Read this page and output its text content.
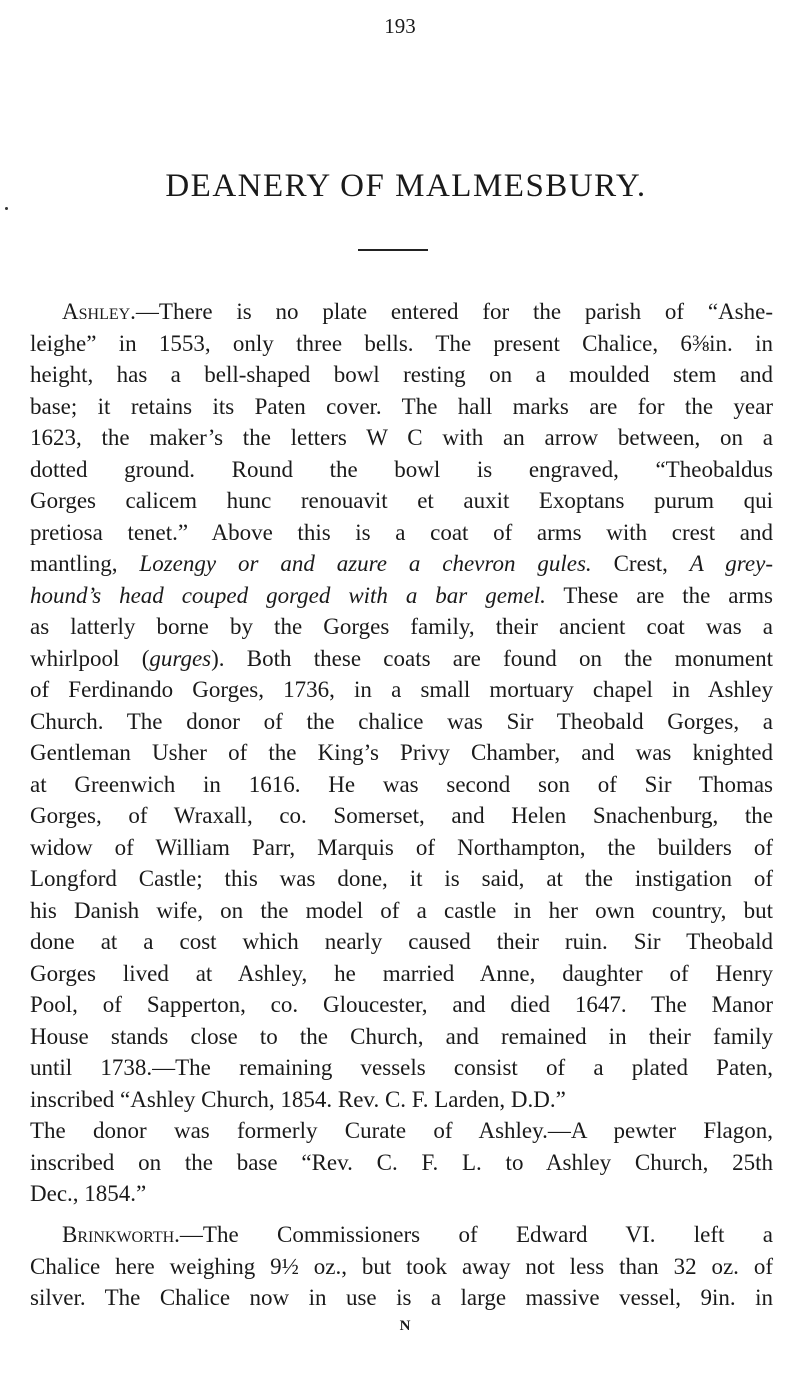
193
DEANERY OF MALMESBURY.
Ashley.—There is no plate entered for the parish of “Ashe-
leighe” in 1553, only three bells. The present Chalice, 6⅜in. in
height, has a bell-shaped bowl resting on a moulded stem and
base; it retains its Paten cover. The hall marks are for the year
1623, the maker’s the letters W C with an arrow between, on a
dotted ground. Round the bowl is engraved, “Theobaldus
Gorges calicem hunc renouavit et auxit Exoptans purum qui
pretiosa tenet.” Above this is a coat of arms with crest and
mantling, Lozengy or and azure a chevron gules. Crest, A grey-
hound’s head couped gorged with a bar gemel. These are the arms
as latterly borne by the Gorges family, their ancient coat was a
whirlpool (gurges). Both these coats are found on the monument
of Ferdinando Gorges, 1736, in a small mortuary chapel in Ashley
Church. The donor of the chalice was Sir Theobald Gorges, a
Gentleman Usher of the King’s Privy Chamber, and was knighted
at Greenwich in 1616. He was second son of Sir Thomas
Gorges, of Wraxall, co. Somerset, and Helen Snachenburg, the
widow of William Parr, Marquis of Northampton, the builders of
Longford Castle; this was done, it is said, at the instigation of
his Danish wife, on the model of a castle in her own country, but
done at a cost which nearly caused their ruin. Sir Theobald
Gorges lived at Ashley, he married Anne, daughter of Henry
Pool, of Sapperton, co. Gloucester, and died 1647. The Manor
House stands close to the Church, and remained in their family
until 1738.—The remaining vessels consist of a plated Paten,
inscribed “Ashley Church, 1854. Rev. C. F. Larden, D.D.”
The donor was formerly Curate of Ashley.—A pewter Flagon,
inscribed on the base “Rev. C. F. L. to Ashley Church, 25th
Dec., 1854.”
Brinkworth.—The Commissioners of Edward VI. left a
Chalice here weighing 9½ oz., but took away not less than 32 oz. of
silver. The Chalice now in use is a large massive vessel, 9in. in
N
